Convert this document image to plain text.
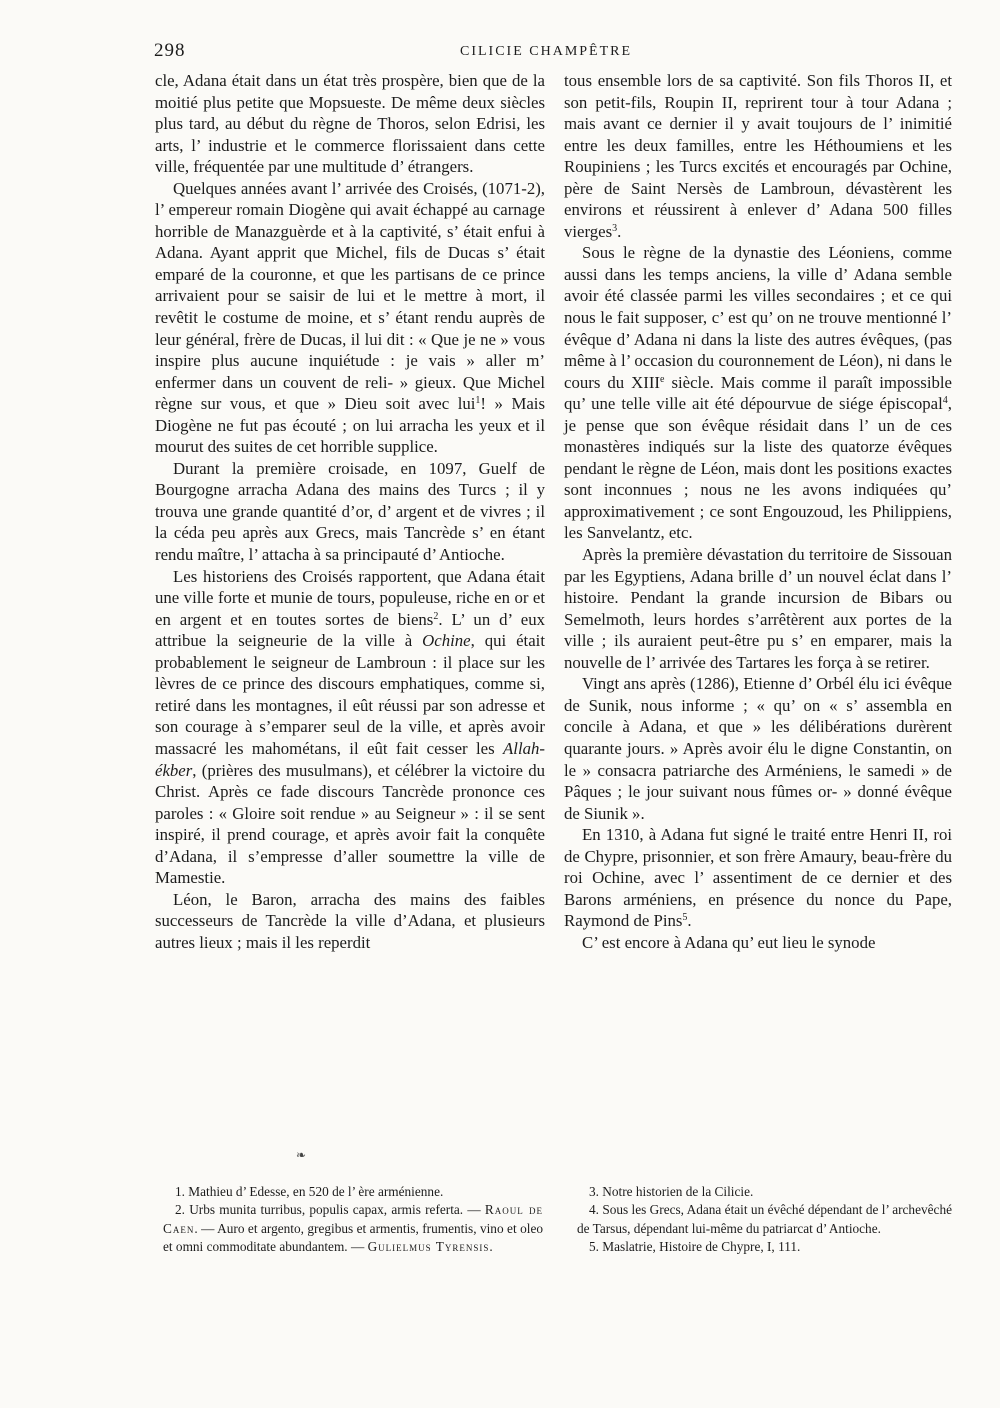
298	CILICIE CHAMPÊTRE

cle, Adana était dans un état très prospère, bien que de la moitié plus petite que Mopsueste. De même deux siècles plus tard, au début du règne de Thoros, selon Edrisi, les arts, l’ industrie et le commerce florissaient dans cette ville, fréquentée par une multitude d’ étrangers.

Quelques années avant l’ arrivée des Croisés, (1071-2), l’ empereur romain Diogène qui avait échappé au carnage horrible de Manazguèrde et à la captivité, s’ était enfui à Adana. Ayant apprit que Michel, fils de Ducas s’ était emparé de la couronne, et que les partisans de ce prince arrivaient pour se saisir de lui et le mettre à mort, il revêtit le costume de moine, et s’ étant rendu auprès de leur général, frère de Ducas, il lui dit : « Que je ne » vous inspire plus aucune inquiétude : je vais » aller m’ enfermer dans un couvent de reli- » gieux. Que Michel règne sur vous, et que » Dieu soit avec lui$^1$! » Mais Diogène ne fut pas écouté ; on lui arracha les yeux et il mourut des suites de cet horrible supplice.

Durant la première croisade, en 1097, Guelf de Bourgogne arracha Adana des mains des Turcs ; il y trouva une grande quantité d’or, d’ argent et de vivres ; il la céda peu après aux Grecs, mais Tancrède s’ en étant rendu maître, l’ attacha à sa principauté d’ Antioche.

Les historiens des Croisés rapportent, que Adana était une ville forte et munie de tours, populeuse, riche en or et en argent et en toutes sortes de biens$^2$. L’ un d’ eux attribue la seigneurie de la ville à Ochine, qui était probablement le seigneur de Lambroun : il place sur les lèvres de ce prince des discours emphatiques, comme si, retiré dans les montagnes, il eût réussi par son adresse et son courage à s’emparer seul de la ville, et après avoir massacré les mahométans, il eût fait cesser les Allah-ékber, (prières des musulmans), et célébrer la victoire du Christ. Après ce fade discours Tancrède prononce ces paroles : « Gloire soit rendue » au Seigneur » : il se sent inspiré, il prend courage, et après avoir fait la conquête d’Adana, il s’empresse d’aller soumettre la ville de Mamestie.

Léon, le Baron, arracha des mains des faibles successeurs de Tancrède la ville d’Adana, et plusieurs autres lieux ; mais il les reperdit

tous ensemble lors de sa captivité. Son fils Thoros II, et son petit-fils, Roupin II, reprirent tour à tour Adana ; mais avant ce dernier il y avait toujours de l’ inimitié entre les deux familles, entre les Héthoumiens et les Roupiniens ; les Turcs excités et encouragés par Ochine, père de Saint Nersès de Lambroun, dévastèrent les environs et réussirent à enlever d’ Adana 500 filles vierges$^3$.

Sous le règne de la dynastie des Léoniens, comme aussi dans les temps anciens, la ville d’ Adana semble avoir été classée parmi les villes secondaires ; et ce qui nous le fait supposer, c’ est qu’ on ne trouve mentionné l’ évêque d’ Adana ni dans la liste des autres évêques, (pas même à l’ occasion du couronnement de Léon), ni dans le cours du XIIIe siècle. Mais comme il paraît impossible qu’ une telle ville ait été dépourvue de siége épiscopal$^4$, je pense que son évêque résidait dans l’ un de ces monastères indiqués sur la liste des quatorze évêques pendant le règne de Léon, mais dont les positions exactes sont inconnues ; nous ne les avons indiquées qu’ approximativement ; ce sont Engouzoud, les Philippiens, les Sanvelantz, etc.

Après la première dévastation du territoire de Sissouan par les Egyptiens, Adana brille d’ un nouvel éclat dans l’ histoire. Pendant la grande incursion de Bibars ou Semelmoth, leurs hordes s’arrêtèrent aux portes de la ville ; ils auraient peut-être pu s’ en emparer, mais la nouvelle de l’ arrivée des Tartares les força à se retirer.

Vingt ans après (1286), Etienne d’ Orbél élu ici évêque de Sunik, nous informe ; « qu’ on « s’ assembla en concile à Adana, et que » les délibérations durèrent quarante jours. » Après avoir élu le digne Constantin, on le » consacra patriarche des Arméniens, le samedi » de Pâques ; le jour suivant nous fûmes or- » donné évêque de Siunik ».

En 1310, à Adana fut signé le traité entre Henri II, roi de Chypre, prisonnier, et son frère Amaury, beau-frère du roi Ochine, avec l’ assentiment de ce dernier et des Barons arméniens, en présence du nonce du Pape, Raymond de Pins$^5$.

C’ est encore à Adana qu’ eut lieu le synode

❧

1. Mathieu d’ Edesse, en 520 de l’ ère arménienne.

2. Urbs munita turribus, populis capax, armis referta. — Raoul de Caen. — Auro et argento, gregibus et armentis, frumentis, vino et oleo et omni commoditate abundantem. — Gulielmus Tyrensis.

3. Notre historien de la Cilicie.

4. Sous les Grecs, Adana était un évêché dépendant de l’ archevêché de Tarsus, dépendant lui-même du patriarcat d’ Antioche.

5. Maslatrie, Histoire de Chypre, I, 111.
